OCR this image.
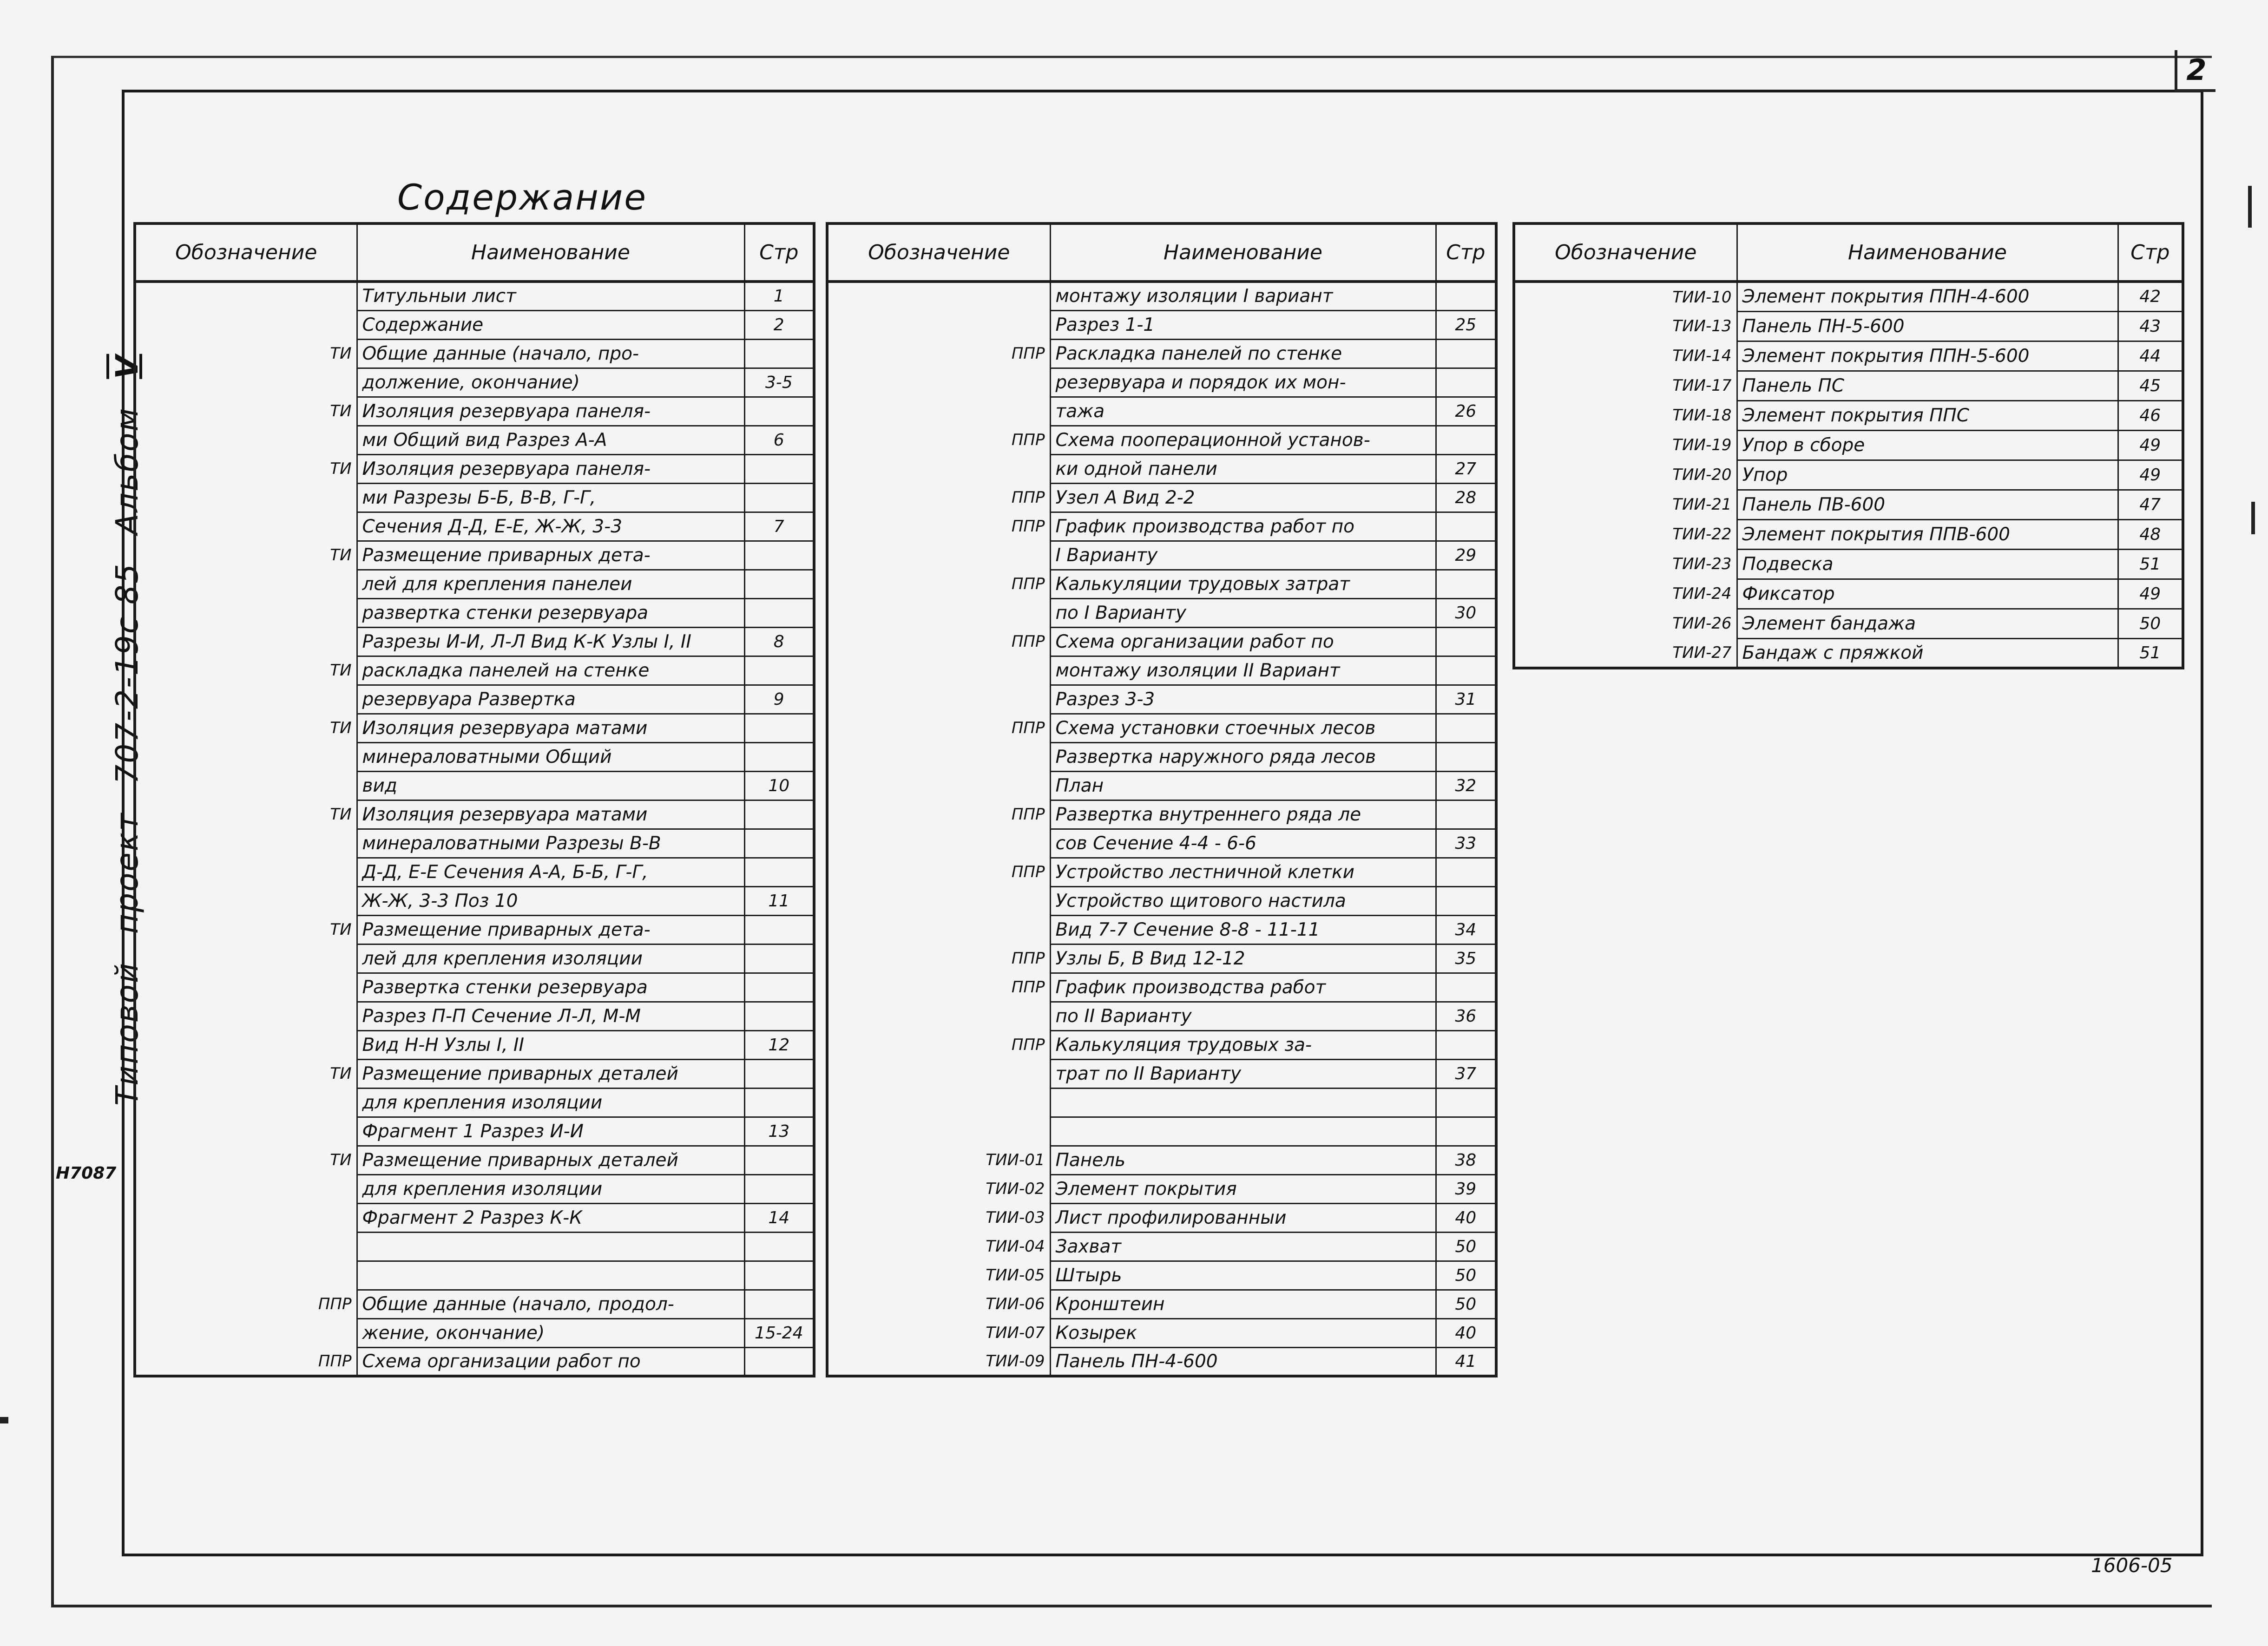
2
Типовойпроект707-2-19с 85АльбомV
Н7087
Содержание
Обозначение	Наименование	Стр
	Титульныи лист	1
	Содержание	2
ТИ	Общие данные (начало, про-	
	должение, окончание)	3-5
ТИ	Изоляция резервуара панеля-	
	ми Общий вид Разрез А-А	6
ТИ	Изоляция резервуара панеля-	
	ми Разрезы Б-Б, В-В, Г-Г,	
	Сечения Д-Д, Е-Е, Ж-Ж, 3-3	7
ТИ	Размещение приварных дета-	
	лей для крепления панелеи	
	развертка стенки резервуара	
	Разрезы И-И, Л-Л Вид К-К Узлы I, II	8
ТИ	раскладка панелей на стенке	
	резервуара Развертка	9
ТИ	Изоляция резервуара матами	
	минераловатными Общий	
	вид	10
ТИ	Изоляция резервуара матами	
	минераловатными Разрезы В-В	
	Д-Д, Е-Е Сечения А-А, Б-Б, Г-Г,	
	Ж-Ж, 3-3 Поз 10	11
ТИ	Размещение приварных дета-	
	лей для крепления изоляции	
	Развертка стенки резервуара	
	Разрез П-П Сечение Л-Л, М-М	
	Вид Н-Н Узлы I, II	12
ТИ	Размещение приварных деталей	
	для крепления изоляции	
	Фрагмент 1 Разрез И-И	13
ТИ	Размещение приварных деталей	
	для крепления изоляции	
	Фрагмент 2 Разрез К-К	14

ППР	Общие данные (начало, продол-	
	жение, окончание)	15-24
ППР	Схема организации работ по	
Обозначение	Наименование	Стр
	монтажу изоляции I вариант	
	Разрез 1-1	25
ППР	Раскладка панелей по стенке	
	резервуара и порядок их мон-	
	тажа	26
ППР	Схема пооперационной установ-	
	ки одной панели	27
ППР	Узел А Вид 2-2	28
ППР	График производства работ по	
	I Варианту	29
ППР	Калькуляции трудовых затрат	
	по I Варианту	30
ППР	Схема организации работ по	
	монтажу изоляции II Вариант	
	Разрез 3-3	31
ППР	Схема установки стоечных лесов	
	Развертка наружного ряда лесов	
	План	32
ППР	Развертка внутреннего ряда ле	
	сов Сечение 4-4 - 6-6	33
ППР	Устройство лестничной клетки	
	Устройство щитового настила	
	Вид 7-7 Сечение 8-8 - 11-11	34
ППР	Узлы Б, В Вид 12-12	35
ППР	График производства работ	
	по II Варианту	36
ППР	Калькуляция трудовых за-	
	трат по II Варианту	37

ТИИ-01	Панель	38
ТИИ-02	Элемент покрытия	39
ТИИ-03	Лист профилированныи	40
ТИИ-04	Захват	50
ТИИ-05	Штырь	50
ТИИ-06	Кронштеин	50
ТИИ-07	Козырек	40
ТИИ-09	Панель ПН-4-600	41
Обозначение	Наименование	Стр
ТИИ-10	Элемент покрытия ППН-4-600	42
ТИИ-13	Панель ПН-5-600	43
ТИИ-14	Элемент покрытия ППН-5-600	44
ТИИ-17	Панель ПС	45
ТИИ-18	Элемент покрытия ППС	46
ТИИ-19	Упор в сборе	49
ТИИ-20	Упор	49
ТИИ-21	Панель ПВ-600	47
ТИИ-22	Элемент покрытия ППВ-600	48
ТИИ-23	Подвеска	51
ТИИ-24	Фиксатор	49
ТИИ-26	Элемент бандажа	50
ТИИ-27	Бандаж с пряжкой	51
1606-05
